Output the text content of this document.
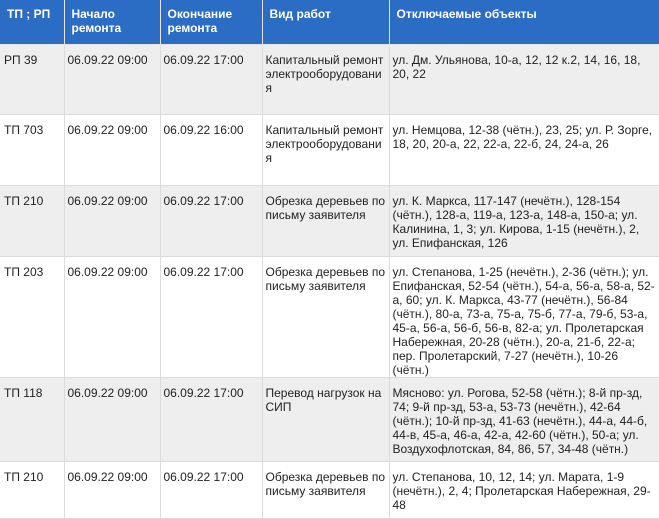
ТП ; РП	Начало ремонта	Окончание ремонта	Вид работ	Отключаемые объекты
РП 39	06.09.22 09:00	06.09.22 17:00	Капитальный ремонт электрооборудования	ул. Дм. Ульянова, 10-а, 12, 12 к.2, 14, 16, 18, 20, 22
ТП 703	06.09.22 09:00	06.09.22 16:00	Капитальный ремонт электрооборудования	ул. Немцова, 12-38 (чётн.), 23, 25; ул. Р. Зорге, 18, 20, 20-а, 22, 22-а, 22-б, 24, 24-а, 26
ТП 210	06.09.22 09:00	06.09.22 17:00	Обрезка деревьев по письму заявителя	ул. К. Маркса, 117-147 (нечётн.), 128-154 (чётн.), 128-а, 119-а, 123-а, 148-а, 150-а; ул. Калинина, 1, 3; ул. Кирова, 1-15 (нечётн.), 2, ул. Епифанская, 126
ТП 203	06.09.22 09:00	06.09.22 17:00	Обрезка деревьев по письму заявителя	ул. Степанова, 1-25 (нечётн.), 2-36 (чётн.); ул. Епифанская, 52-54 (чётн.), 54-а, 56-а, 58-а, 52-а, 60; ул. К. Маркса, 43-77 (нечётн.), 56-84 (чётн.), 80-а, 73-а, 75-а, 75-б, 77-а, 79-б, 53-а, 45-а, 56-а, 56-б, 56-в, 82-а; ул. Пролетарская Набережная, 20-28 (чётн.), 20-а, 21-б, 22-а; пер. Пролетарский, 7-27 (нечётн.), 10-26 (чётн.)
ТП 118	06.09.22 09:00	06.09.22 17:00	Перевод нагрузок на СИП	Мясново: ул. Рогова, 52-58 (чётн.); 8-й пр-зд, 74; 9-й пр-зд, 53-а, 53-73 (нечётн.), 42-64 (чётн.); 10-й пр-зд, 41-63 (нечётн.), 44-а, 44-б, 44-в, 45-а, 46-а, 42-а, 42-60 (чётн.), 50-а; ул. Воздухофлотская, 84, 86, 57, 34-48 (чётн.)
ТП 210	06.09.22 09:00	06.09.22 17:00	Обрезка деревьев по письму заявителя	ул. Степанова, 10, 12, 14; ул. Марата, 1-9 (нечётн.), 2, 4; Пролетарская Набережная, 29-48
